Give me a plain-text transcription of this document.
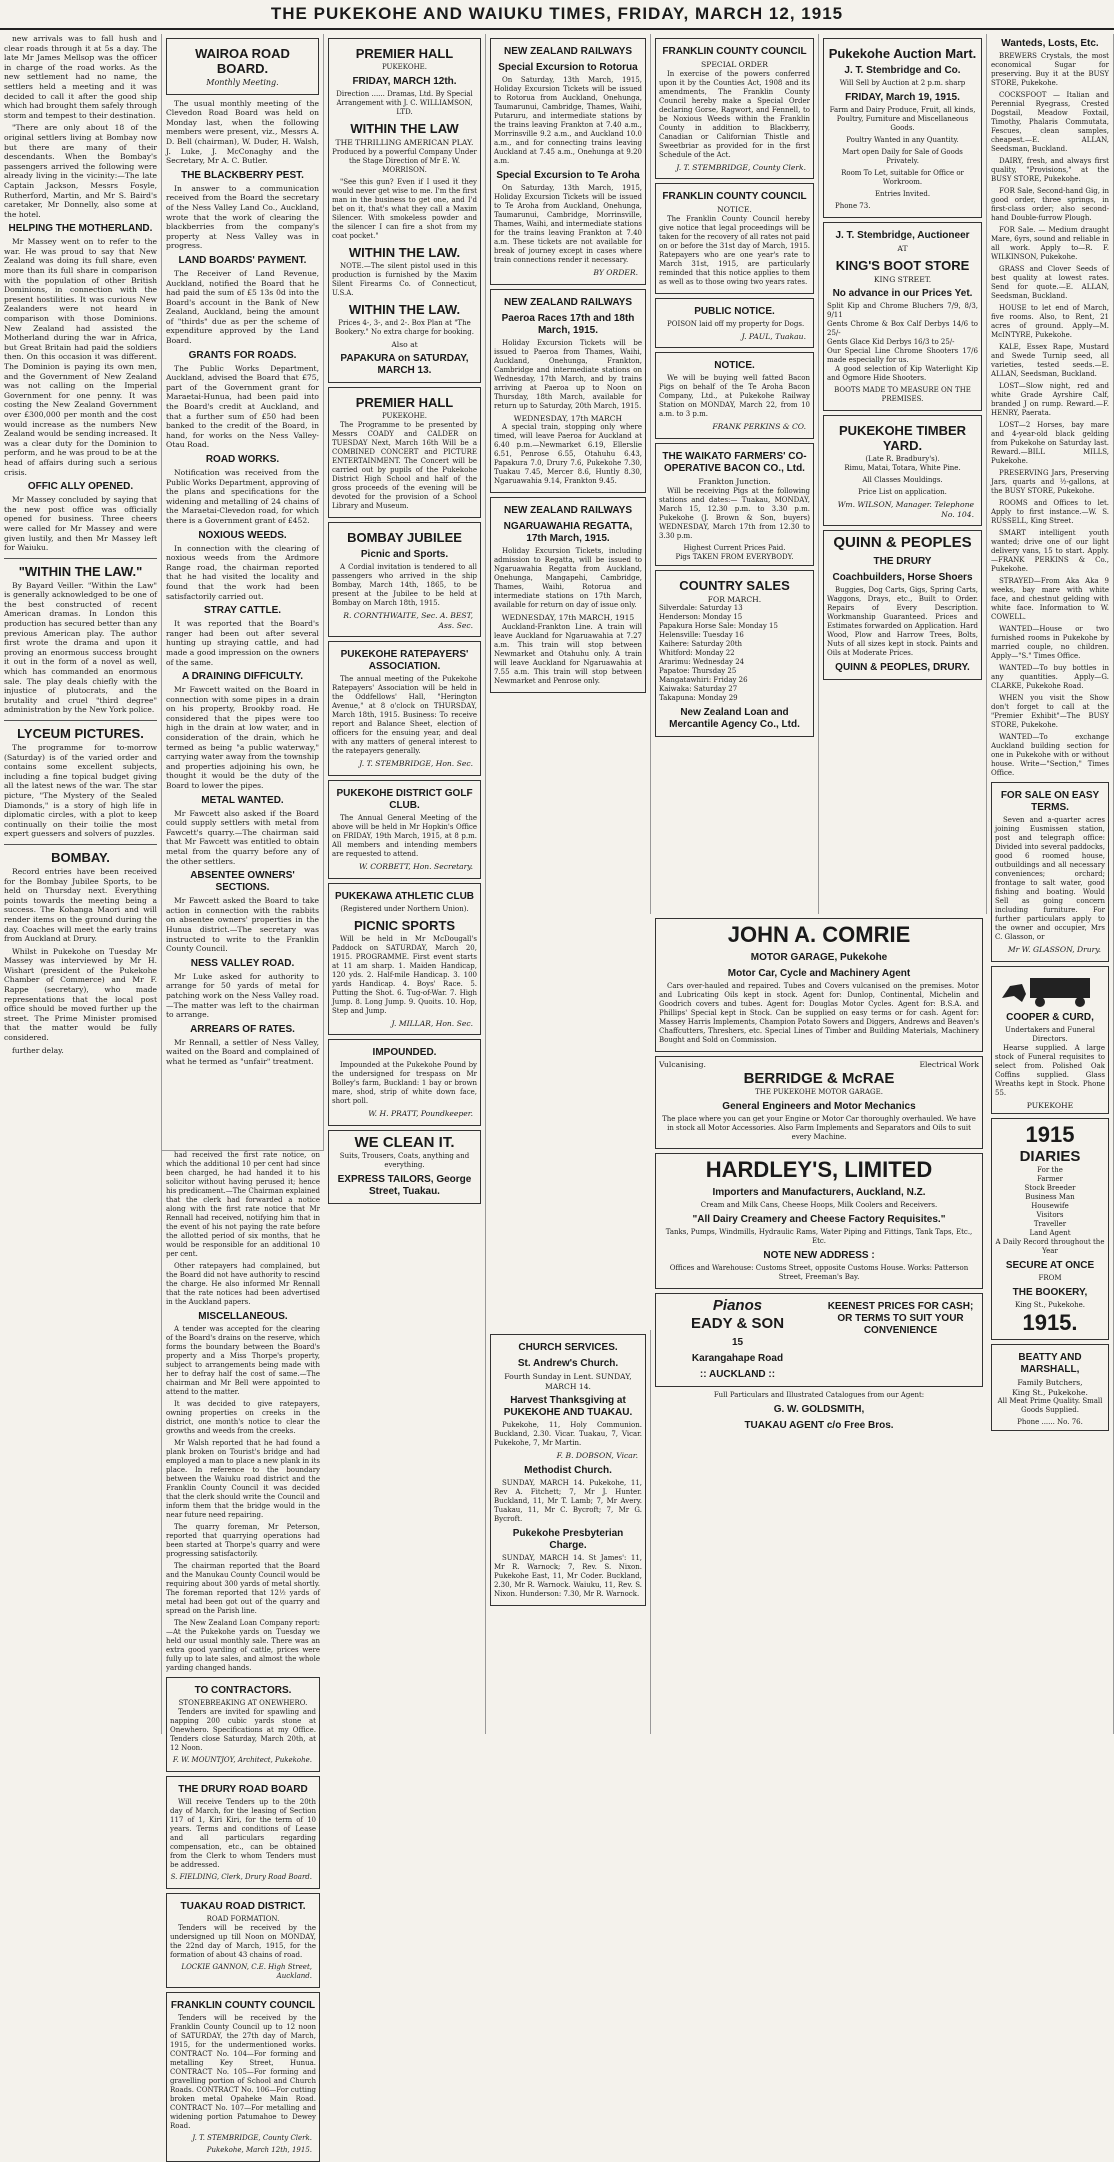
THE PUKEKOHE AND WAIUKU TIMES, FRIDAY, MARCH 12, 1915

new arrivals was to fall hush and clear roads through it at 5s a day. The late Mr James Mellsop was the officer in charge of the road works. As the new settlement had no name, the settlers held a meeting and it was decided to call it after the good ship which had brought them safely through storm and tempest to their destination.

"There are only about 18 of the original settlers living at Bombay now but there are many of their descendants. When the Bombay's passengers arrived the following were already living in the vicinity:—The late Captain Jackson, Messrs Fosyle, Rutherford, Martin, and Mr S. Baird's caretaker, Mr Donnelly, also some at the hotel.

HELPING THE MOTHERLAND.

Mr Massey went on to refer to the war. He was proud to say that New Zealand was doing its full share, even more than its full share in comparison with the population of other British Dominions, in connection with the present hostilities. It was curious New Zealanders were not heard in comparison with those Dominions. New Zealand had assisted the Motherland during the war in Africa, but Great Britain had paid the soldiers then. On this occasion it was different. The Dominion is paying its own men, and the Government of New Zealand was not calling on the Imperial Government for one penny. It was costing the New Zealand Government over £300,000 per month and the cost would increase as the numbers New Zealand would be sending increased. It was a clear duty for the Dominion to perform, and he was proud to be at the head of affairs during such a serious crisis.

OFFIC ALLY OPENED.

Mr Massey concluded by saying that the new post office was officially opened for business. Three cheers were called for Mr Massey and were given lustily, and then Mr Massey left for Waiuku.

"WITHIN THE LAW."

By Bayard Veiller. "Within the Law" is generally acknowledged to be one of the best constructed of recent American dramas. In London this production has secured better than any previous American play. The author first wrote the drama and upon it proving an enormous success brought it out in the form of a novel as well, which has commanded an enormous sale. The play deals chiefly with the injustice of plutocrats, and the brutality and cruel "third degree" administration by the New York police.

LYCEUM PICTURES.

The programme for to-morrow (Saturday) is of the varied order and contains some excellent subjects, including a fine topical budget giving all the latest news of the war. The star picture, "The Mystery of the Sealed Diamonds," is a story of high life in diplomatic circles, with a plot to keep continually on their toilie the most expert guessers and solvers of puzzles.

BOMBAY.

Record entries have been received for the Bombay Jubilee Sports, to be held on Thursday next. Everything points towards the meeting being a success. The Kohanga Maori and will render items on the ground during the day. Coaches will meet the early trains from Auckland at Drury.

Whilst in Pukekohe on Tuesday Mr Massey was interviewed by Mr H. Wishart (president of the Pukekohe Chamber of Commerce) and Mr F. Rappe (secretary), who made representations that the local post office should be moved further up the street. The Prime Minister promised that the matter would be fully considered.

further delay.

WAIROA ROAD BOARD.
Monthly Meeting.

The usual monthly meeting of the Clevedon Road Board was held on Monday last, when the following members were present, viz., Messrs A. D. Bell (chairman), W. Duder, H. Walsh, J. Luke, J. McConaghy and the Secretary, Mr A. C. Butler.

THE BLACKBERRY PEST.

In answer to a communication received from the Board the secretary of the Ness Valley Land Co., Auckland, wrote that the work of clearing the blackberries from the company's property at Ness Valley was in progress.

LAND BOARDS' PAYMENT.

The Receiver of Land Revenue, Auckland, notified the Board that he had paid the sum of £5 13s 0d into the Board's account in the Bank of New Zealand, Auckland, being the amount of "thirds" due as per the scheme of expenditure approved by the Land Board.

GRANTS FOR ROADS.

The Public Works Department, Auckland, advised the Board that £75, part of the Government grant for Maraetai-Hunua, had been paid into the Board's credit at Auckland, and that a further sum of £50 had been banked to the credit of the Board, in hand, for works on the Ness Valley-Otau Road.

ROAD WORKS.

Notification was received from the Public Works Department, approving of the plans and specifications for the widening and metalling of 24 chains of the Maraetai-Clevedon road, for which there is a Government grant of £452.

NOXIOUS WEEDS.

In connection with the clearing of noxious weeds from the Ardmore Range road, the chairman reported that he had visited the locality and found that the work had been satisfactorily carried out.

STRAY CATTLE.

It was reported that the Board's ranger had been out after several hunting up straying cattle, and had made a good impression on the owners of the same.

A DRAINING DIFFICULTY.

Mr Fawcett waited on the Board in connection with some pipes in a drain on his property, Brookby road. He considered that the pipes were too high in the drain at low water, and in consideration of the drain, which he termed as being "a public waterway," carrying water away from the township and properties adjoining his own, he thought it would be the duty of the Board to lower the pipes.

METAL WANTED.

Mr Fawcett also asked if the Board could supply settlers with metal from Fawcett's quarry.—The chairman said that Mr Fawcett was entitled to obtain metal from the quarry before any of the other settlers.

ABSENTEE OWNERS' SECTIONS.

Mr Fawcett asked the Board to take action in connection with the rabbits on absentee owners' properties in the Hunua district.—The secretary was instructed to write to the Franklin County Council.

NESS VALLEY ROAD.

Mr Luke asked for authority to arrange for 50 yards of metal for patching work on the Ness Valley road.—The matter was left to the chairman to arrange.

ARREARS OF RATES.

Mr Rennall, a settler of Ness Valley, waited on the Board and complained of what he termed as "unfair" treatment.

PREMIER HALL
PUKEKOHE.
FRIDAY, MARCH 12th.

Direction ...... Dramas, Ltd. By Special Arrangement with J. C. WILLIAMSON, LTD.

WITHIN THE LAW
THE THRILLING AMERICAN PLAY.

Produced by a powerful Company Under the Stage Direction of Mr E. W. MORRISON.

"See this gun? Even if I used it they would never get wise to me. I'm the first man in the business to get one, and I'd bet on it, that's what they call a Maxim Silencer. With smokeless powder and the silencer I can fire a shot from my coat pocket."

WITHIN THE LAW.

NOTE.—The silent pistol used in this production is furnished by the Maxim Silent Firearms Co. of Connecticut, U.S.A.

WITHIN THE LAW.

Prices 4-, 3-, and 2-. Box Plan at "The Bookery." No extra charge for booking.

Also at
PAPAKURA on SATURDAY, MARCH 13.
PREMIER HALL
PUKEKOHE.

The Programme to be presented by Messrs COADY and CALDER on TUESDAY Next, March 16th Will be a COMBINED CONCERT and PICTURE ENTERTAINMENT. The Concert will be carried out by pupils of the Pukekohe District High School and half of the gross proceeds of the evening will be devoted for the provision of a School Library and Museum.

BOMBAY JUBILEE
Picnic and Sports.

A Cordial invitation is tendered to all passengers who arrived in the ship Bombay, March 14th, 1865, to be present at the Jubilee to be held at Bombay on March 18th, 1915.

R. CORNTHWAITE, Sec. A. BEST, Ass. Sec.

PUKEKOHE RATEPAYERS' ASSOCIATION.

The annual meeting of the Pukekohe Ratepayers' Association will be held in the Oddfellows' Hall, "Herington Avenue," at 8 o'clock on THURSDAY, March 18th, 1915. Business: To receive report and Balance Sheet, election of officers for the ensuing year, and deal with any matters of general interest to the ratepayers generally.

J. T. STEMBRIDGE, Hon. Sec.

PUKEKOHE DISTRICT GOLF CLUB.

The Annual General Meeting of the above will be held in Mr Hopkin's Office on FRIDAY, 19th March, 1915, at 8 p.m. All members and intending members are requested to attend.

W. CORBETT, Hon. Secretary.

PUKEKAWA ATHLETIC CLUB
(Registered under Northern Union).
PICNIC SPORTS

Will be held in Mr McDougall's Paddock on SATURDAY, March 20, 1915. PROGRAMME. First event starts at 11 am sharp. 1. Maiden Handicap, 120 yds. 2. Half-mile Handicap. 3. 100 yards Handicap. 4. Boys' Race. 5. Putting the Shot. 6. Tug-of-War. 7. High Jump. 8. Long Jump. 9. Quoits. 10. Hop, Step and Jump.

J. MILLAR, Hon. Sec.

IMPOUNDED.

Impounded at the Pukekohe Pound by the undersigned for trespass on Mr Bolley's farm, Buckland: 1 bay or brown mare, shod, strip of white down face, short poll.

W. H. PRATT, Poundkeeper.

WE CLEAN IT.

Suits, Trousers, Coats, anything and everything.

EXPRESS TAILORS, George Street, Tuakau.
NEW ZEALAND RAILWAYS
Special Excursion to Rotorua

On Saturday, 13th March, 1915, Holiday Excursion Tickets will be issued to Rotorua from Auckland, Onehunga, Taumarunui, Cambridge, Thames, Waihi, Putaruru, and intermediate stations by the trains leaving Frankton at 7.40 a.m., Morrinsville 9.2 a.m., and Auckland 10.0 a.m., and for connecting trains leaving Auckland at 7.45 a.m., Onehunga at 9.20 a.m.

Special Excursion to Te Aroha

On Saturday, 13th March, 1915, Holiday Excursion Tickets will be issued to Te Aroha from Auckland, Onehunga, Taumarunui, Cambridge, Morrinsville, Thames, Waihi, and intermediate stations for the trains leaving Frankton at 7.40 a.m. These tickets are not available for break of journey except in cases where train connections render it necessary.

BY ORDER.

NEW ZEALAND RAILWAYS
Paeroa Races 17th and 18th March, 1915.

Holiday Excursion Tickets will be issued to Paeroa from Thames, Waihi, Auckland, Onehunga, Frankton, Cambridge and intermediate stations on Wednesday, 17th March, and by trains arriving at Paeroa up to Noon on Thursday, 18th March, available for return up to Saturday, 20th March, 1915.

WEDNESDAY, 17th MARCH

A special train, stopping only where timed, will leave Paeroa for Auckland at 6.40 p.m.—Newmarket 6.19, Ellerslie 6.51, Penrose 6.55, Otahuhu 6.43, Papakura 7.0, Drury 7.6, Pukekohe 7.30, Tuakau 7.45, Mercer 8.6, Huntly 8.30, Ngaruawahia 9.14, Frankton 9.45.

NEW ZEALAND RAILWAYS
NGARUAWAHIA REGATTA, 17th March, 1915.

Holiday Excursion Tickets, including admission to Regatta, will be issued to Ngaruawahia Regatta from Auckland, Onehunga, Mangapehi, Cambridge, Thames, Waihi, Rotorua and intermediate stations on 17th March, available for return on day of issue only.

WEDNESDAY, 17th MARCH, 1915

Auckland-Frankton Line. A train will leave Auckland for Ngaruawahia at 7.27 a.m. This train will stop between Newmarket and Otahuhu only. A train will leave Auckland for Ngaruawahia at 7.55 a.m. This train will stop between Newmarket and Penrose only.

FRANKLIN COUNTY COUNCIL
SPECIAL ORDER

In exercise of the powers conferred upon it by the Counties Act, 1908 and its amendments, The Franklin County Council hereby make a Special Order declaring Gorse, Ragwort, and Fennell, to be Noxious Weeds within the Franklin County in addition to Blackberry, Canadian or Californian Thistle and Sweetbriar as provided for in the first Schedule of the Act.

J. T. STEMBRIDGE, County Clerk.

FRANKLIN COUNTY COUNCIL
NOTICE.

The Franklin County Council hereby give notice that legal proceedings will be taken for the recovery of all rates not paid on or before the 31st day of March, 1915. Ratepayers who are one year's rate to March 31st, 1915, are particularly reminded that this notice applies to them as well as to those owing two years rates.

PUBLIC NOTICE.

POISON laid off my property for Dogs.

J. PAUL, Tuakau.

NOTICE.

We will be buying well fatted Bacon Pigs on behalf of the Te Aroha Bacon Company, Ltd., at Pukekohe Railway Station on MONDAY, March 22, from 10 a.m. to 3 p.m.

FRANK PERKINS & CO.

THE WAIKATO FARMERS' CO-OPERATIVE BACON CO., Ltd.
Frankton Junction.

Will be receiving Pigs at the following stations and dates:— Tuakau, MONDAY, March 15, 12.30 p.m. to 3.30 p.m. Pukekohe (J. Brown & Son, buyers) WEDNESDAY, March 17th from 12.30 to 3.30 p.m.

Highest Current Prices Paid.
Pigs TAKEN FROM EVERYBODY.
COUNTRY SALES
FOR MARCH.

Silverdale: Saturday 13

Henderson: Monday 15

Papakura Horse Sale: Monday 15

Helensville: Tuesday 16

Kaihere: Saturday 20th

Whitford: Monday 22

Ararimu: Wednesday 24

Papatoe: Thursday 25

Mangatawhiri: Friday 26

Kaiwaka: Saturday 27

Takapuna: Monday 29

New Zealand Loan and Mercantile Agency Co., Ltd.
Pukekohe Auction Mart.
J. T. Stembridge and Co.
Will Sell by Auction at 2 p.m. sharp
FRIDAY, March 19, 1915.

Farm and Dairy Produce, Fruit, all kinds, Poultry, Furniture and Miscellaneous Goods.

Poultry Wanted in any Quantity.

Mart open Daily for Sale of Goods Privately.

Room To Let, suitable for Office or Workroom.

Entries Invited.

Phone 73.

J. T. Stembridge, Auctioneer
AT
KING'S BOOT STORE
KING STREET.
No advance in our Prices Yet.

Split Kip and Chrome Bluchers 7/9, 8/3, 9/11

Gents Chrome & Box Calf Derbys 14/6 to 25/-

Gents Glace Kid Derbys 16/3 to 25/-

Our Special Line Chrome Shooters 17/6 made especially for us.

A good selection of Kip Waterlight Kip and Ogmore Hide Shooters.

BOOTS MADE TO MEASURE ON THE PREMISES.

PUKEKOHE TIMBER YARD.
(Late R. Bradbury's).

Rimu, Matai, Totara, White Pine.

All Classes Mouldings.

Price List on application.

Wm. WILSON, Manager. Telephone No. 104.

QUINN & PEOPLES
THE DRURY
Coachbuilders, Horse Shoers

Buggies, Dog Carts, Gigs, Spring Carts, Waggons, Drays, etc., Built to Order. Repairs of Every Description. Workmanship Guaranteed. Prices and Estimates forwarded on Application. Hard Wood, Plow and Harrow Trees, Bolts, Nuts of all sizes kept in stock. Paints and Oils at Moderate Prices.

QUINN & PEOPLES, DRURY.
CHURCH SERVICES.
St. Andrew's Church.
Fourth Sunday in Lent. SUNDAY, MARCH 14.
Harvest Thanksgiving at PUKEKOHE AND TUAKAU.

Pukekohe, 11, Holy Communion. Buckland, 2.30. Vicar. Tuakau, 7, Vicar. Pukekohe, 7, Mr Martin.

F. B. DOBSON, Vicar.

Methodist Church.

SUNDAY, MARCH 14. Pukekohe, 11, Rev A. Fitchett; 7, Mr J. Hunter. Buckland, 11, Mr T. Lamb; 7, Mr Avery. Tuakau, 11, Mr C. Bycroft; 7, Mr G. Bycroft.

Pukekohe Presbyterian Charge.

SUNDAY, MARCH 14. St James': 11, Mr R. Warnock; 7, Rev. S. Nixon. Pukekohe East, 11, Mr Coder. Buckland, 2.30, Mr R. Warnock. Waiuku, 11, Rev. S. Nixon. Hunderson: 7.30, Mr R. Warnock.

JOHN A. COMRIE
MOTOR GARAGE, Pukekohe
Motor Car, Cycle and Machinery Agent

Cars over-hauled and repaired. Tubes and Covers vulcanised on the premises. Motor and Lubricating Oils kept in stock. Agent for: Dunlop, Continental, Michelin and Goodrich covers and tubes. Agent for: Douglas Motor Cycles. Agent for: B.S.A. and Phillips' Special kept in Stock. Can be supplied on easy terms or for cash. Agent for: Massey Harris Implements, Champion Potato Sowers and Diggers, Andrews and Beaven's Chaffcutters, Threshers, etc. Special Lines of Timber and Building Materials, Machinery Bought and Sold on Commission.

Vulcanising.	Electrical Work
BERRIDGE & McRAE
THE PUKEKOHE MOTOR GARAGE.
General Engineers and Motor Mechanics

The place where you can get your Engine or Motor Car thoroughly overhauled. We have in stock all Motor Accessories. Also Farm Implements and Separators and Oils to suit every Machine.

HARDLEY'S, LIMITED
Importers and Manufacturers, Auckland, N.Z.

Cream and Milk Cans, Cheese Hoops, Milk Coolers and Receivers.

"All Dairy Creamery and Cheese Factory Requisites."

Tanks, Pumps, Windmills, Hydraulic Rams, Water Piping and Fittings, Tank Taps, Etc., Etc.

NOTE NEW ADDRESS :

Offices and Warehouse: Customs Street, opposite Customs House. Works: Patterson Street, Freeman's Bay.

Pianos
EADY & SON
15
Karangahape Road
:: AUCKLAND ::
KEENEST PRICES FOR CASH; OR TERMS TO SUIT YOUR CONVENIENCE

Full Particulars and Illustrated Catalogues from our Agent:

G. W. GOLDSMITH,
TUAKAU AGENT c/o Free Bros.
Wanteds, Losts, Etc.

BREWERS Crystals, the most economical Sugar for preserving. Buy it at the BUSY STORE, Pukekohe.

COCKSFOOT — Italian and Perennial Ryegrass, Crested Dogstail, Meadow Foxtail, Timothy, Phalaris Commutata, Fescues, clean samples, cheapest.—E. ALLAN, Seedsman, Buckland.

DAIRY, fresh, and always first quality, "Provisions," at the BUSY STORE, Pukekohe.

FOR Sale, Second-hand Gig, in good order, three springs, in first-class order; also second-hand Double-furrow Plough.

FOR Sale. — Medium draught Mare, 6yrs, sound and reliable in all work. Apply to—R. F. WILKINSON, Pukekohe.

GRASS and Clover Seeds of best quality at lowest rates. Send for quote.—E. ALLAN, Seedsman, Buckland.

HOUSE to let end of March, five rooms. Also, to Rent, 21 acres of ground. Apply—M. McINTYRE, Pukekohe.

KALE, Essex Rape, Mustard and Swede Turnip seed, all varieties, tested seeds.—E. ALLAN, Seedsman, Buckland.

LOST—Slow night, red and white Grade Ayrshire Calf, branded J on rump. Reward.—F. HENRY, Paerata.

LOST—2 Horses, bay mare and 4-year-old black gelding from Pukekohe on Saturday last. Reward.—BILL MILLS, Pukekohe.

PRESERVING Jars, Preserving Jars, quarts and ½-gallons, at the BUSY STORE, Pukekohe.

ROOMS and Offices to let. Apply to first instance.—W. S. RUSSELL, King Street.

SMART intelligent youth wanted; drive one of our light delivery vans, 15 to start. Apply.—FRANK PERKINS & Co., Pukekohe.

STRAYED—From Aka Aka 9 weeks, bay mare with white face, and chestnut gelding with white face. Information to W. COWELL.

WANTED—House or two furnished rooms in Pukekohe by married couple, no children. Apply—"S." Times Office.

WANTED—To buy bottles in any quantities. Apply—G. CLARKE, Pukekohe Road.

WHEN you visit the Show don't forget to call at the "Premier Exhibit"—The BUSY STORE, Pukekohe.

WANTED—To exchange Auckland building section for one in Pukekohe with or without house. Write—"Section," Times Office.

FOR SALE ON EASY TERMS.

Seven and a-quarter acres joining Eusmissen station, post and telegraph office: Divided into several paddocks, good 6 roomed house, outbuildings and all necessary conveniences; orchard; frontage to salt water, good fishing and boating. Would Sell as going concern including furniture. For further particulars apply to the owner and occupier, Mrs C. Glasson, or

Mr W. GLASSON, Drury.

COOPER & CURD,
Undertakers and Funeral Directors.

Hearse supplied. A large stock of Funeral requisites to select from. Polished Oak Coffins supplied. Glass Wreaths kept in Stock. Phone 55.

PUKEKOHE
1915
DIARIES
For the
Farmer
Stock Breeder
Business Man
Housewife
Visitors
Traveller
Land Agent

A Daily Record throughout the Year

SECURE AT ONCE
FROM
THE BOOKERY,
King St., Pukekohe.
1915.
BEATTY AND MARSHALL,
Family Butchers,
King St., Pukekohe.

All Meat Prime Quality. Small Goods Supplied.

Phone ...... No. 76.

had received the first rate notice, on which the additional 10 per cent had since been charged, he had handed it to his solicitor without having perused it; hence his predicament.—The Chairman explained that the clerk had forwarded a notice along with the first rate notice that Mr Rennall had received, notifying him that in the event of his not paying the rate before the allotted period of six months, that he would be responsible for an additional 10 per cent.

Other ratepayers had complained, but the Board did not have authority to rescind the charge. He also informed Mr Rennall that the rate notices had been advertised in the Auckland papers.

MISCELLANEOUS.

A tender was accepted for the clearing of the Board's drains on the reserve, which forms the boundary between the Board's property and a Miss Thorpe's property, subject to arrangements being made with her to defray half the cost of same.—The chairman and Mr Bell were appointed to attend to the matter.

It was decided to give ratepayers, owning properties on creeks in the district, one month's notice to clear the growths and weeds from the creeks.

Mr Walsh reported that he had found a plank broken on Tourist's bridge and had employed a man to place a new plank in its place. In reference to the boundary between the Waiuku road district and the Franklin County Council it was decided that the clerk should write the Council and inform them that the bridge would in the near future need repairing.

The quarry foreman, Mr Peterson, reported that quarrying operations had been started at Thorpe's quarry and were progressing satisfactorily.

The chairman reported that the Board and the Manukau County Council would be requiring about 300 yards of metal shortly. The foreman reported that 12½ yards of metal had been got out of the quarry and spread on the Parish line.

The New Zealand Loan Company report:—At the Pukekohe yards on Tuesday we held our usual monthly sale. There was an extra good yarding of cattle, prices were fully up to late sales, and almost the whole yarding changed hands.

TO CONTRACTORS.
STONEBREAKING AT ONEWHERO.

Tenders are invited for spawling and napping 200 cubic yards stone at Onewhero. Specifications at my Office. Tenders close Saturday, March 20th, at 12 Noon.

F. W. MOUNTJOY, Architect, Pukekohe.

THE DRURY ROAD BOARD

Will receive Tenders up to the 20th day of March, for the leasing of Section 117 of 1, Kiri Kiri, for the term of 10 years. Terms and conditions of Lease and all particulars regarding compensation, etc., can be obtained from the Clerk to whom Tenders must be addressed.

S. FIELDING, Clerk, Drury Road Board.

TUAKAU ROAD DISTRICT.
ROAD FORMATION.

Tenders will be received by the undersigned up till Noon on MONDAY, the 22nd day of March, 1915, for the formation of about 43 chains of road.

LOCKIE GANNON, C.E. High Street, Auckland.

FRANKLIN COUNTY COUNCIL

Tenders will be received by the Franklin County Council up to 12 noon of SATURDAY, the 27th day of March, 1915, for the undermentioned works. CONTRACT No. 104—For forming and metalling Key Street, Hunua. CONTRACT No. 105—For forming and gravelling portion of School and Church Roads. CONTRACT No. 106—For cutting broken metal Opaheke Main Road. CONTRACT No. 107—For metalling and widening portion Patumahoe to Dewey Road.

J. T. STEMBRIDGE, County Clerk.

Pukekohe, March 12th, 1915.
